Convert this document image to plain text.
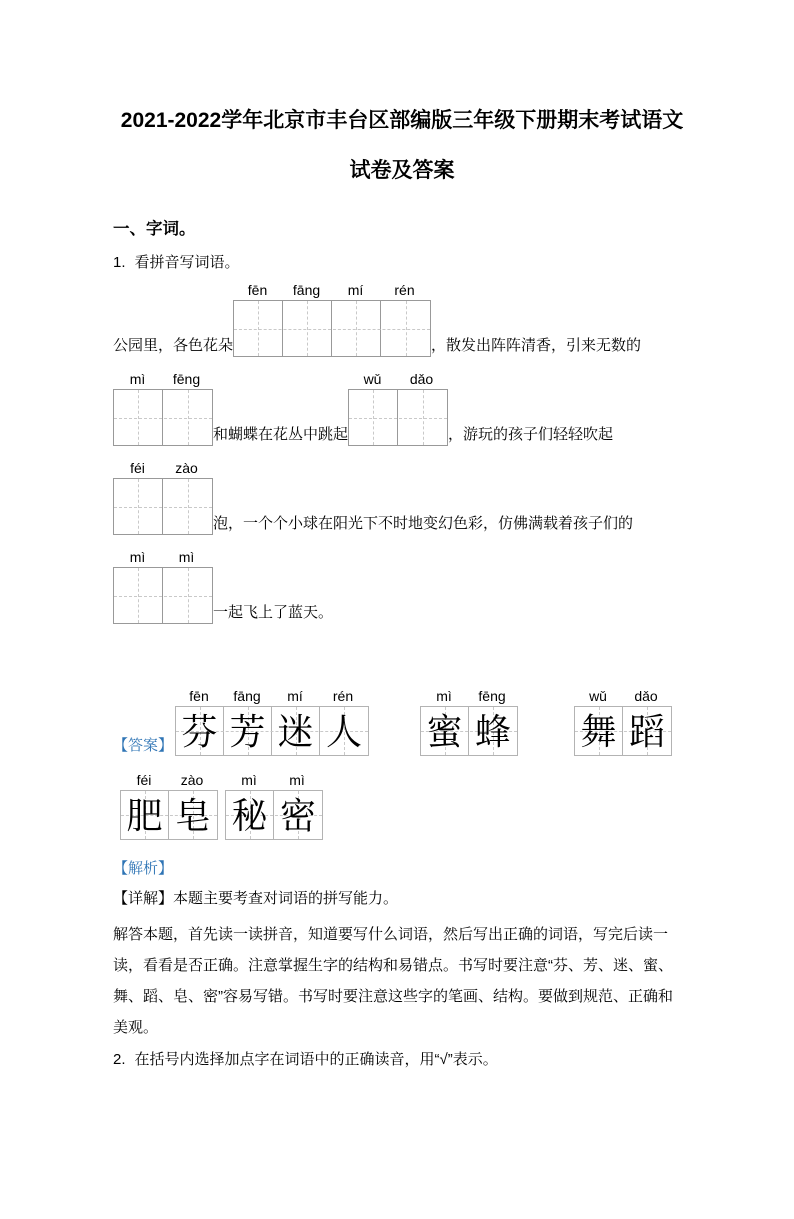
2021-2022学年北京市丰台区部编版三年级下册期末考试语文试卷及答案
一、字词。
1. 看拼音写词语。
公园里，各色花朵
fēn	fāng	mí	rén
，散发出阵阵清香，引来无数的
mì	fēng
和蝴蝶在花丛中跳起
wǔ	dǎo
，游玩的孩子们轻轻吹起
féi	zào
泡，一个个小球在阳光下不时地变幻色彩，仿佛满载着孩子们的
mì	mì
一起飞上了蓝天。
【答案】
fēn	fāng	mí	rén
芬 芳 迷 人
mì	fēng
蜜 蜂
wǔ	dǎo
舞 蹈
féi	zào
肥 皂
mì	mì
秘 密
【解析】
【详解】本题主要考查对词语的拼写能力。
解答本题，首先读一读拼音，知道要写什么词语，然后写出正确的词语，写完后读一读，看看是否正确。注意掌握生字的结构和易错点。书写时要注意“芬、芳、迷、蜜、舞、蹈、皂、密”容易写错。书写时要注意这些字的笔画、结构。要做到规范、正确和美观。
2. 在括号内选择加点字在词语中的正确读音，用“√”表示。
